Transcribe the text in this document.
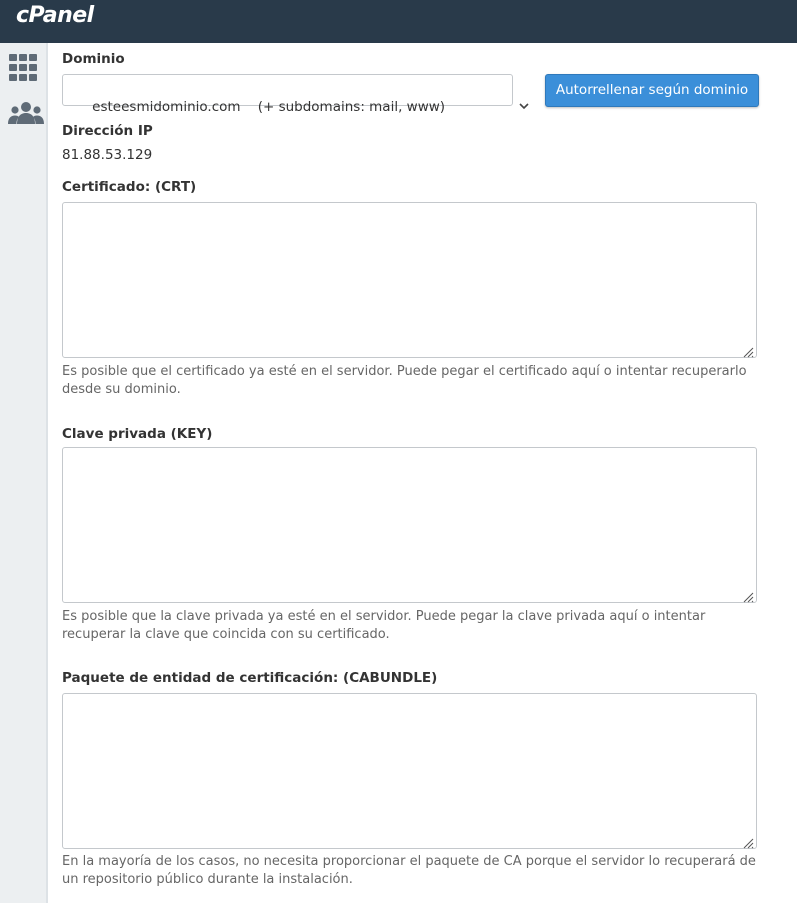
cPanel
Dominio

esteesmidominio.com    (+ subdomains: mail, www)

Autorrellenar según dominio
Dirección IP
81.88.53.129
Certificado: (CRT)
Es posible que el certificado ya esté en el servidor. Puede pegar el certificado aquí o intentar recuperarlo desde su dominio.
Clave privada (KEY)
Es posible que la clave privada ya esté en el servidor. Puede pegar la clave privada aquí o intentar recuperar la clave que coincida con su certificado.
Paquete de entidad de certificación: (CABUNDLE)
En la mayoría de los casos, no necesita proporcionar el paquete de CA porque el servidor lo recuperará de un repositorio público durante la instalación.
